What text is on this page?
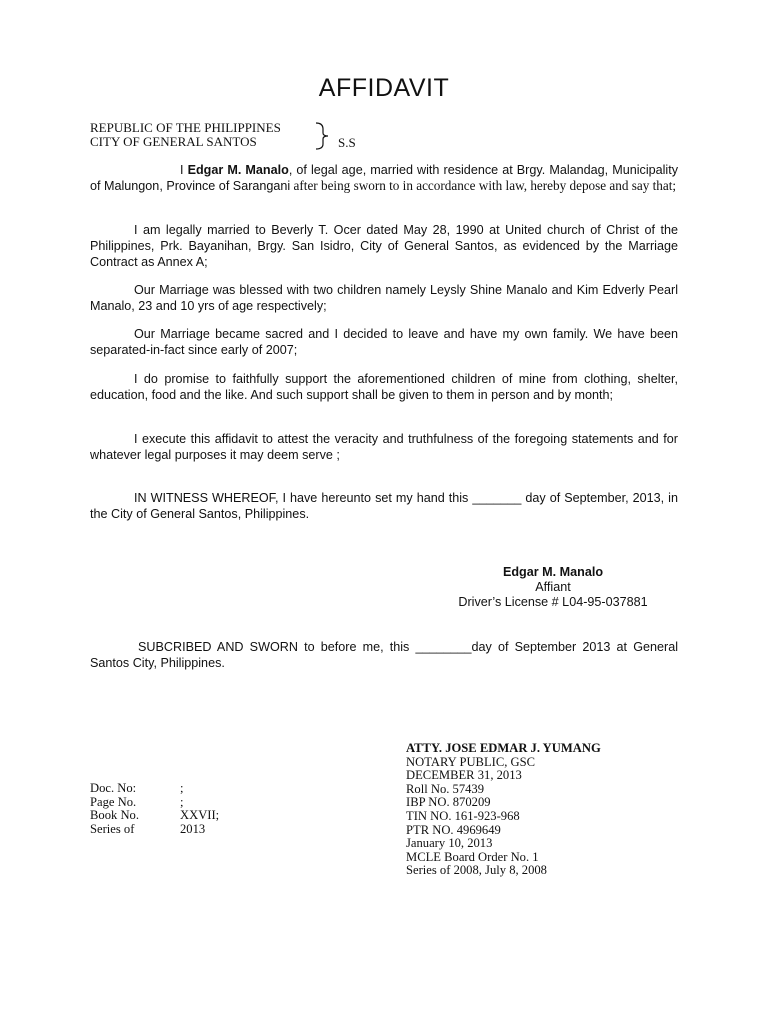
AFFIDAVIT
REPUBLIC OF THE PHILIPPINES
CITY OF GENERAL SANTOS	S.S
I Edgar M. Manalo, of legal age, married with residence at Brgy. Malandag, Municipality of Malungon, Province of Sarangani after being sworn to in accordance with law, hereby depose and say that;
I am legally married to Beverly T. Ocer dated May 28, 1990 at United church of Christ of the Philippines, Prk. Bayanihan, Brgy. San Isidro, City of General Santos, as evidenced by the Marriage Contract as Annex A;
Our Marriage was blessed with two children namely Leysly Shine Manalo and Kim Edverly Pearl Manalo, 23 and 10 yrs of age respectively;
Our Marriage became sacred and I decided to leave and have my own family. We have been separated-in-fact since early of 2007;
I do promise to faithfully support the aforementioned children of mine from clothing, shelter, education, food and the like. And such support shall be given to them in person and by month;
I execute this affidavit to attest the veracity and truthfulness of the foregoing statements and for whatever legal purposes it may deem serve ;
IN WITNESS WHEREOF, I have hereunto set my hand this _______ day of September, 2013, in the City of General Santos, Philippines.
Edgar M. Manalo
Affiant
Driver’s License # L04-95-037881
SUBCRIBED AND SWORN to before me, this ________day of September 2013 at General Santos City, Philippines.
ATTY. JOSE EDMAR J. YUMANG
NOTARY PUBLIC, GSC
DECEMBER 31, 2013
Roll No. 57439
IBP NO. 870209
TIN NO. 161-923-968
PTR NO. 4969649
January 10, 2013
MCLE Board Order No. 1
Series of 2008, July 8, 2008
Doc. No:	;
Page No.	;
Book No.	XXVII;
Series of	2013
